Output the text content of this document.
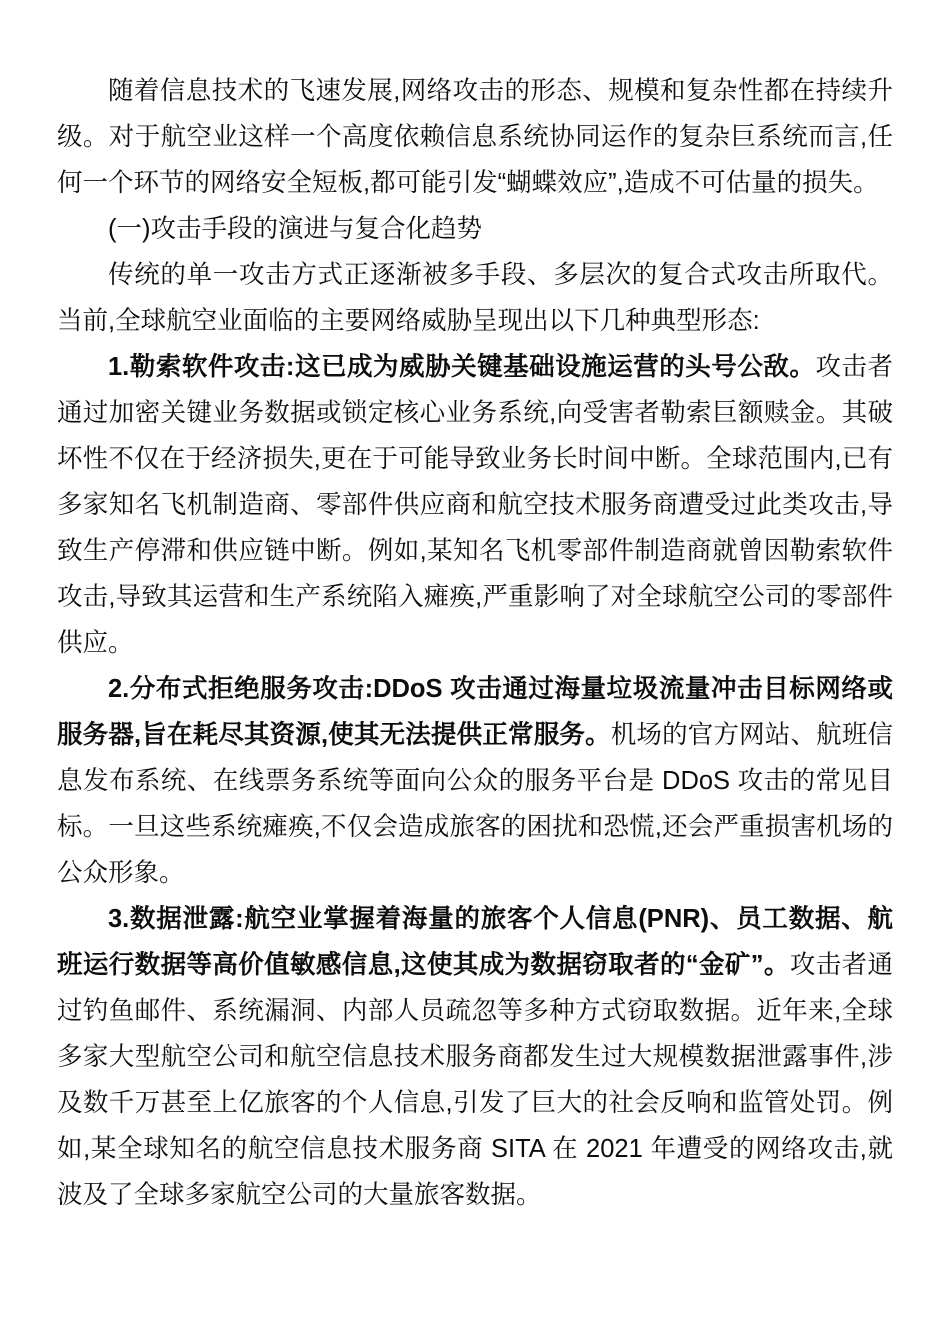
随着信息技术的飞速发展,网络攻击的形态、规模和复杂性都在持续升级。对于航空业这样一个高度依赖信息系统协同运作的复杂巨系统而言,任何一个环节的网络安全短板,都可能引发“蝴蝶效应”,造成不可估量的损失。

(一)攻击手段的演进与复合化趋势

传统的单一攻击方式正逐渐被多手段、多层次的复合式攻击所取代。当前,全球航空业面临的主要网络威胁呈现出以下几种典型形态:

1.勒索软件攻击:这已成为威胁关键基础设施运营的头号公敌。攻击者通过加密关键业务数据或锁定核心业务系统,向受害者勒索巨额赎金。其破坏性不仅在于经济损失,更在于可能导致业务长时间中断。全球范围内,已有多家知名飞机制造商、零部件供应商和航空技术服务商遭受过此类攻击,导致生产停滞和供应链中断。例如,某知名飞机零部件制造商就曾因勒索软件攻击,导致其运营和生产系统陷入瘫痪,严重影响了对全球航空公司的零部件供应。

2.分布式拒绝服务攻击:DDoS 攻击通过海量垃圾流量冲击目标网络或服务器,旨在耗尽其资源,使其无法提供正常服务。机场的官方网站、航班信息发布系统、在线票务系统等面向公众的服务平台是 DDoS 攻击的常见目标。一旦这些系统瘫痪,不仅会造成旅客的困扰和恐慌,还会严重损害机场的公众形象。

3.数据泄露:航空业掌握着海量的旅客个人信息(PNR)、员工数据、航班运行数据等高价值敏感信息,这使其成为数据窃取者的“金矿”。攻击者通过钓鱼邮件、系统漏洞、内部人员疏忽等多种方式窃取数据。近年来,全球多家大型航空公司和航空信息技术服务商都发生过大规模数据泄露事件,涉及数千万甚至上亿旅客的个人信息,引发了巨大的社会反响和监管处罚。例如,某全球知名的航空信息技术服务商 SITA 在 2021 年遭受的网络攻击,就波及了全球多家航空公司的大量旅客数据。
